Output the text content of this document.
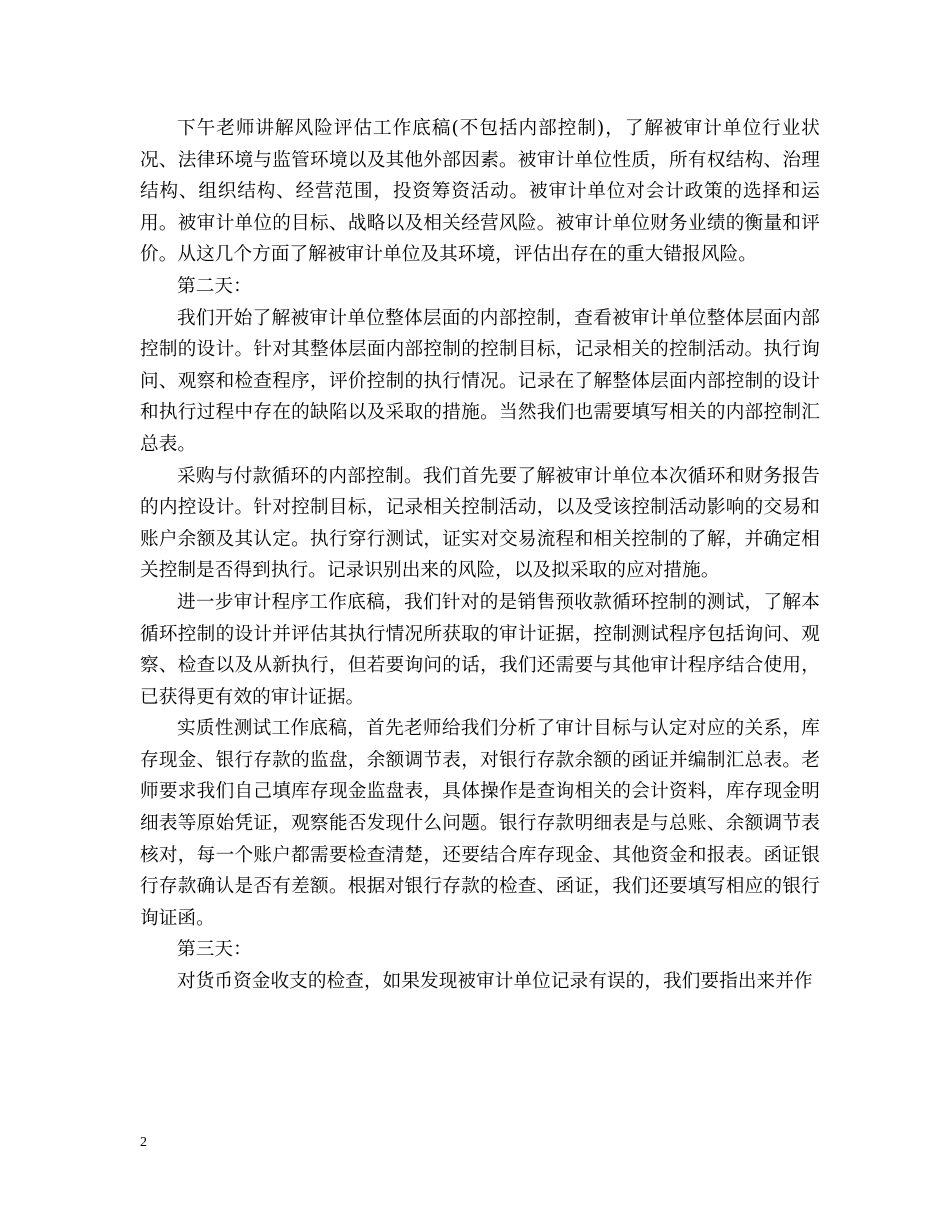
下午老师讲解风险评估工作底稿(不包括内部控制)，了解被审计单位行业状况、法律环境与监管环境以及其他外部因素。被审计单位性质，所有权结构、治理结构、组织结构、经营范围，投资筹资活动。被审计单位对会计政策的选择和运用。被审计单位的目标、战略以及相关经营风险。被审计单位财务业绩的衡量和评价。从这几个方面了解被审计单位及其环境，评估出存在的重大错报风险。

第二天：

我们开始了解被审计单位整体层面的内部控制，查看被审计单位整体层面内部控制的设计。针对其整体层面内部控制的控制目标，记录相关的控制活动。执行询问、观察和检查程序，评价控制的执行情况。记录在了解整体层面内部控制的设计和执行过程中存在的缺陷以及采取的措施。当然我们也需要填写相关的内部控制汇总表。

采购与付款循环的内部控制。我们首先要了解被审计单位本次循环和财务报告的内控设计。针对控制目标，记录相关控制活动，以及受该控制活动影响的交易和账户余额及其认定。执行穿行测试，证实对交易流程和相关控制的了解，并确定相关控制是否得到执行。记录识别出来的风险，以及拟采取的应对措施。

进一步审计程序工作底稿，我们针对的是销售预收款循环控制的测试，了解本循环控制的设计并评估其执行情况所获取的审计证据，控制测试程序包括询问、观察、检查以及从新执行，但若要询问的话，我们还需要与其他审计程序结合使用，已获得更有效的审计证据。

实质性测试工作底稿，首先老师给我们分析了审计目标与认定对应的关系，库存现金、银行存款的监盘，余额调节表，对银行存款余额的函证并编制汇总表。老师要求我们自己填库存现金监盘表，具体操作是查询相关的会计资料，库存现金明细表等原始凭证，观察能否发现什么问题。银行存款明细表是与总账、余额调节表核对，每一个账户都需要检查清楚，还要结合库存现金、其他资金和报表。函证银行存款确认是否有差额。根据对银行存款的检查、函证，我们还要填写相应的银行询证函。

第三天：

对货币资金收支的检查，如果发现被审计单位记录有误的，我们要指出来并作

2
